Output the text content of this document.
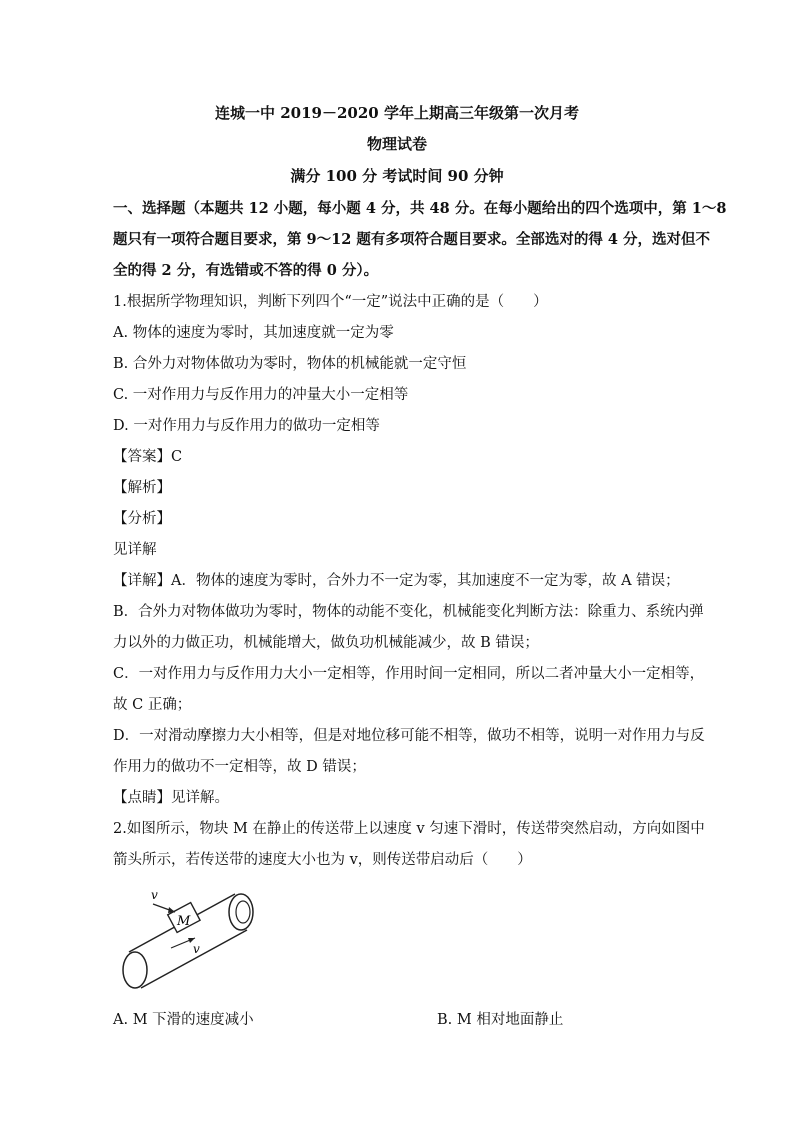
连城一中 2019－2020 学年上期高三年级第一次月考
物理试卷
满分 100 分 考试时间 90 分钟
一、选择题（本题共 12 小题，每小题 4 分，共 48 分。在每小题给出的四个选项中，第 1～8
题只有一项符合题目要求，第 9～12 题有多项符合题目要求。全部选对的得 4 分，选对但不
全的得 2 分，有选错或不答的得 0 分）。
1.根据所学物理知识，判断下列四个“一定”说法中正确的是（　　）
A. 物体的速度为零时，其加速度就一定为零
B. 合外力对物体做功为零时，物体的机械能就一定守恒
C. 一对作用力与反作用力的冲量大小一定相等
D. 一对作用力与反作用力的做功一定相等
【答案】C
【解析】
【分析】
见详解
【详解】A．物体的速度为零时，合外力不一定为零，其加速度不一定为零，故 A 错误；
B．合外力对物体做功为零时，物体的动能不变化，机械能变化判断方法：除重力、系统内弹
力以外的力做正功，机械能增大，做负功机械能减少，故 B 错误；
C．一对作用力与反作用力大小一定相等，作用时间一定相同，所以二者冲量大小一定相等，
故 C 正确；
D．一对滑动摩擦力大小相等，但是对地位移可能不相等，做功不相等，说明一对作用力与反
作用力的做功不一定相等，故 D 错误；
【点睛】见详解。
2.如图所示，物块 M 在静止的传送带上以速度 v 匀速下滑时，传送带突然启动，方向如图中
箭头所示，若传送带的速度大小也为 v，则传送带启动后（　　）
M
v
v
A. M 下滑的速度减小	B. M 相对地面静止
